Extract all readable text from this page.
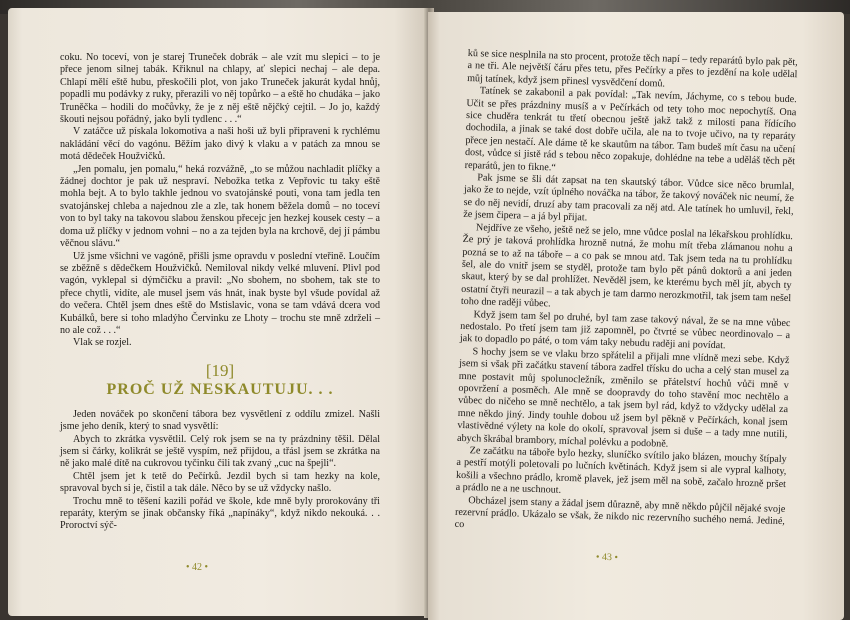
coku. No toceví, von je starej Truneček dobrák – ale vzít mu slepici – to je přece jenom silnej tabák. Křiknul na chlapy, ať slepici nechaj – ale depa. Chlapí mělí eště hubu, přeskočili plot, von jako Truneček jakurát kydal hnůj, popadli mu podávky z ruky, přerazili vo něj topůrko – a eště ho chudáka – jako Truněčka – hodili do močůvky, že je z něj eště nějčký cejtil. – Jo jo, každý škouti nejsou pořádný, jako byli tydlenc . . .“

V zatáčce už pískala lokomotiva a naši hoši už byli připraveni k rychlému nakládání věcí do vagónu. Běžím jako divý k vlaku a v patách za mnou se motá dědeček Houžvičků.

„Jen pomalu, jen pomalu,“ heká rozvážně, „to se můžou nachladit plíčky a žádnej dochtor je pak už nespraví. Nebožka tetka z Vepřovic tu taky eště mohla bejt. A to bylo takhle jednou vo svatojánské pouti, vona tam jedla ten svatojánskej chleba a najednou zle a zle, tak honem běžela domů – no toceví von to byl taky na takovou slabou ženskou přecejc jen hezkej kousek cesty – a doma už plíčky v jednom vohni – no a za tejden byla na krchově, dej jí pámbu věčnou slávu.“

Už jsme všichni ve vagóně, přišli jsme opravdu v poslední vteřině. Loučím se zběžně s dědečkem Houžvičků. Nemiloval nikdy velké mluvení. Plivl pod vagón, vyklepal si dýmčičku a pravil: „No sbohem, no sbohem, tak ste to přece chytli, vidíte, ale musel jsem vás hnát, inak byste byl všude povídal až do večera. Chtěl jsem dnes eště do Mstislavic, vona se tam vdává dcera vod Kubálků, bere si toho mladýho Červinku ze Lhoty – trochu ste mně zdrželi – no ale což . . .“

Vlak se rozjel.

[19]
PROČ UŽ NESKAUTUJU. . .

Jeden nováček po skončení tábora bez vysvětlení z oddílu zmizel. Našli jsme jeho deník, který to snad vysvětlí:

Abych to zkrátka vysvětlil. Celý rok jsem se na ty prázdniny těšil. Dělal jsem si čárky, kolikrát se ještě vyspím, než přijdou, a třásl jsem se zkrátka na ně jako malé dítě na cukrovou tyčinku čili tak zvaný „cuc na špejli“.

Chtěl jsem jet k tetě do Pečírků. Jezdil bych si tam hezky na kole, spravoval bych si je, čistil a tak dále. Něco by se už vždycky našlo.

Trochu mně to těšení kazili pořád ve škole, kde mně byly prorokovány tři reparáty, kterým se jinak občansky říká „napínáky“, když nikdo nekouká. . . Proroctví sýč-

• 42 •

ků se sice nesplnila na sto procent, protože těch napí – tedy reparátů bylo pak pět, a ne tři. Ale největší čáru přes tetu, přes Pečírky a přes to jezdění na kole udělal můj tatínek, když jsem přinesl vysvědčení domů.

Tatínek se zakabonil a pak povídal: „Tak nevím, Jáchyme, co s tebou bude. Učit se přes prázdniny musíš a v Pečírkách od tety toho moc nepochytíš. Ona sice chuděra tenkrát tu třetí obecnou ještě jakž takž z milosti pana řídícího dochodila, a jinak se také dost dobře učila, ale na to tvoje učivo, na ty reparáty přece jen nestačí. Ale dáme tě ke skautům na tábor. Tam budeš mít času na učení dost, vůdce si jistě rád s tebou něco zopakuje, dohlédne na tebe a uděláš těch pět reparátů, jen to fikne.“

Pak jsme se šli dát zapsat na ten skautský tábor. Vůdce sice něco brumlal, jako že to nejde, vzít úplného nováčka na tábor, že takový nováček nic neumí, že se do něj nevidí, druzí aby tam pracovali za něj atd. Ale tatínek ho umluvil, řekl, že jsem čipera – a já byl přijat.

Nejdříve ze všeho, ještě než se jelo, mne vůdce poslal na lékařskou prohlídku. Že prý je taková prohlídka hrozně nutná, že mohu mít třeba zlámanou nohu a pozná se to až na táboře – a co pak se mnou atd. Tak jsem teda na tu prohlídku šel, ale do vnitř jsem se styděl, protože tam bylo pět pánů doktorů a ani jeden skaut, který by se dal prohlížet. Nevěděl jsem, ke kterému bych měl jít, abych ty ostatní čtyři neurazil – a tak abych je tam darmo nerozkmotřil, tak jsem tam nešel toho dne raději vůbec.

Když jsem tam šel po druhé, byl tam zase takový nával, že se na mne vůbec nedostalo. Po třetí jsem tam již zapomněl, po čtvrté se vůbec neordinovalo – a jak to dopadlo po páté, o tom vám taky nebudu raději ani povídat.

S hochy jsem se ve vlaku brzo spřátelil a přijali mne vlídně mezi sebe. Když jsem si však při začátku stavení tábora zadřel třísku do ucha a celý stan musel za mne postavit můj spolunocležník, změnilo se přátelství hochů vůči mně v opovržení a posměch. Ale mně se doopravdy do toho stavění moc nechtělo a vůbec do ničeho se mně nechtělo, a tak jsem byl rád, když to vždycky udělal za mne někdo jiný. Jindy touhle dobou už jsem byl pěkně v Pečírkách, konal jsem vlastivědné výlety na kole do okolí, spravoval jsem si duše – a tady mne nutili, abych škrábal brambory, míchal polévku a podobně.

Ze začátku na táboře bylo hezky, sluníčko svítilo jako blázen, mouchy štípaly a pestří motýli poletovali po lučních květinách. Když jsem si ale vypral kalhoty, košili a všechno prádlo, kromě plavek, jež jsem měl na sobě, začalo hrozně pršet a prádlo ne a ne uschnout.

Obcházel jsem stany a žádal jsem důrazně, aby mně někdo půjčil nějaké svoje rezervní prádlo. Ukázalo se však, že nikdo nic rezervního suchého nemá. Jediné, co

• 43 •
